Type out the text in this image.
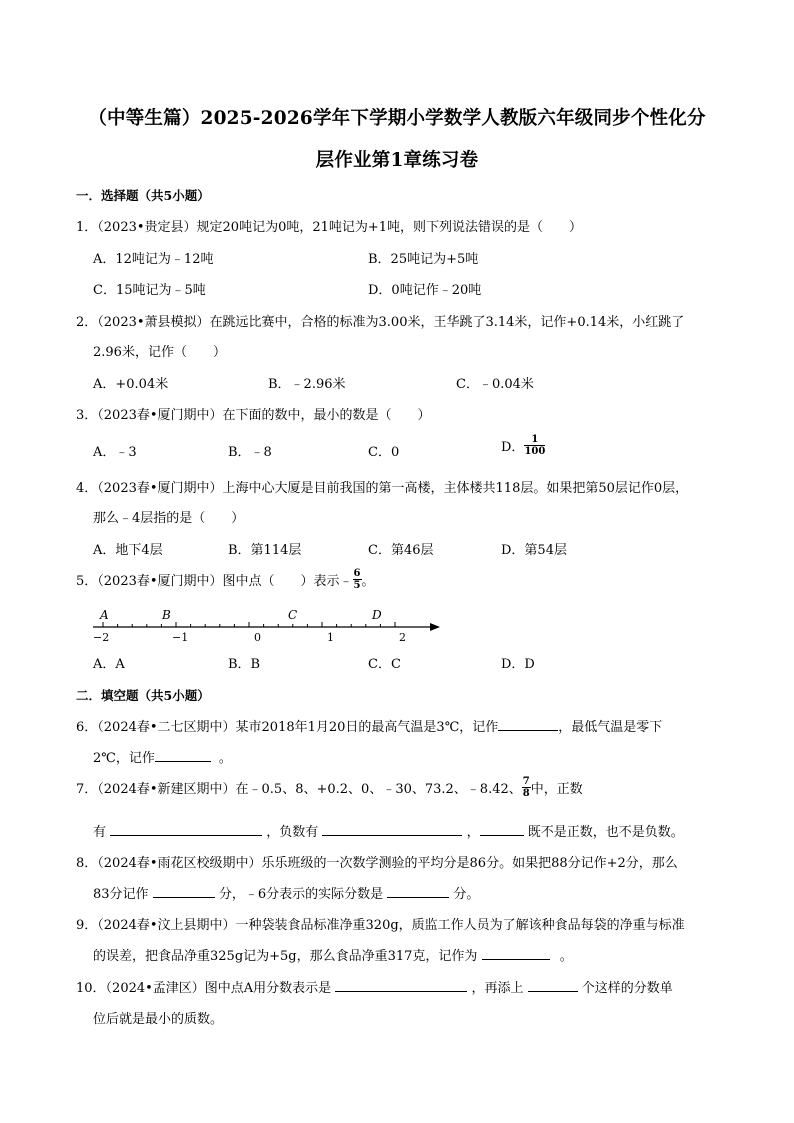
（中等生篇）2025-2026学年下学期小学数学人教版六年级同步个性化分
层作业第1章练习卷
一．选择题（共5小题）
1．（2023•贵定县）规定20吨记为0吨，21吨记为+1吨，则下列说法错误的是（　　）
A．12吨记为﹣12吨	B．25吨记为+5吨
C．15吨记为﹣5吨	D．0吨记作﹣20吨
2．（2023•萧县模拟）在跳远比赛中，合格的标准为3.00米，王华跳了3.14米，记作+0.14米，小红跳了
2.96米，记作（　　）
A．+0.04米	B．﹣2.96米	C．﹣0.04米
3．（2023春•厦门期中）在下面的数中，最小的数是（　　）
A．﹣3	B．﹣8	C．0	D． $\frac{1}{100}$
4．（2023春•厦门期中）上海中心大厦是目前我国的第一高楼，主体楼共118层。如果把第50层记作0层，
那么﹣4层指的是（　　）
A．地下4层	B．第114层	C．第46层	D．第54层
5．（2023春•厦门期中）图中点（　　）表示﹣ $\frac{6}{5}$ 。
A	B	C	D
−2	−1	0	1	2
A．A	B．B	C．C	D．D
二．填空题（共5小题）
6．（2024春•二七区期中）某市2018年1月20日的最高气温是3℃，记作	，最低气温是零下
2℃，记作	。
7．（2024春•新建区期中）在﹣0.5、8、+0.2、0、﹣30、73.2、﹣8.42、 $\frac{7}{8}$ 中，正数
有	，负数有	，	既不是正数，也不是负数。
8．（2024春•雨花区校级期中）乐乐班级的一次数学测验的平均分是86分。如果把88分记作+2分，那么
83分记作	分，﹣6分表示的实际分数是	分。
9．（2024春•汶上县期中）一种袋装食品标准净重320g，质监工作人员为了解该种食品每袋的净重与标准
的误差，把食品净重325g记为+5g，那么食品净重317克，记作为	。
10．（2024•孟津区）图中点A用分数表示是	，再添上	个这样的分数单
位后就是最小的质数。
